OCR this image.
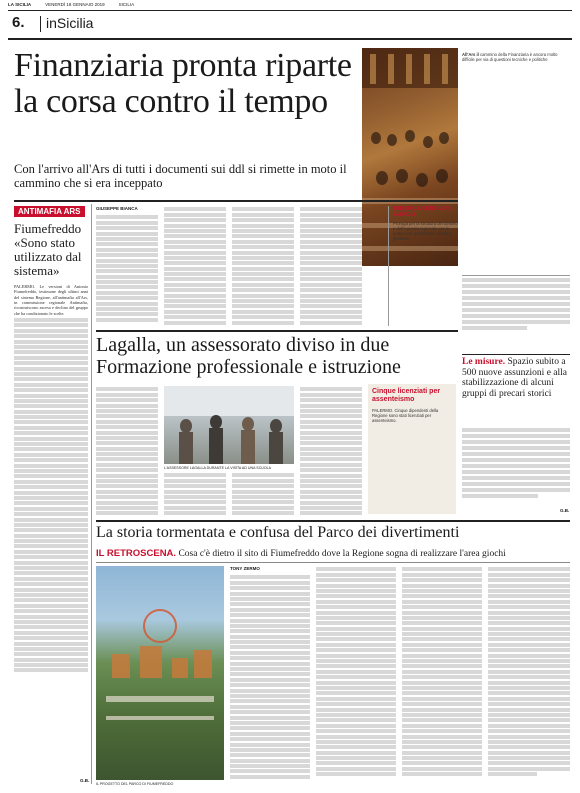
LA SICILIA	VENERDÌ 18 GENNAIO 2019	SICILIA
6. inSicilia
Finanziaria pronta riparte la corsa contro il tempo
Con l'arrivo all'Ars di tutti i documenti sui ddl si rimette in moto il cammino che si era inceppato
All'Ars il cammino della Finanziaria è ancora molto difficile per via di questioni tecniche e politiche
Le misure. Spazio subito a 500 nuove assunzioni e alla stabilizzazione di alcuni gruppi di precari storici
ANTIMAFIA ARS
Fiumefreddo «Sono stato utilizzato dal sistema»
PALERMO. Le versioni di Antonio Fiumefreddo, testimone degli ultimi anni del sistema Regione, all'antimafia all'Ars, in commissione regionale Antimafia, ricostruiscono ascesa e declino del gruppo che ha condizionato le scelte.
G.B.
GIUSEPPE BIANCA	TURISMO E CONSORZIO ENERGIA
Proroga per la struttura del turismo e dell'Agenzia regionale per la protezione ambientale, servizi e gestione.
Lagalla, un assessorato diviso in due Formazione professionale e istruzione
L'ASSESSORE LAGALLA DURANTE LA VISITA AD UNA SCUOLA
Cinque licenziati per assenteismo
PALERMO. Cinque dipendenti della Regione sono stati licenziati per assenteismo.
G.B.
La storia tormentata e confusa del Parco dei divertimenti
IL RETROSCENA. Cosa c'è dietro il sito di Fiumefreddo dove la Regione sogna di realizzare l'area giochi
IL PROGETTO DEL PARCO DI FIUMEFREDDO
TONY ZERMO
